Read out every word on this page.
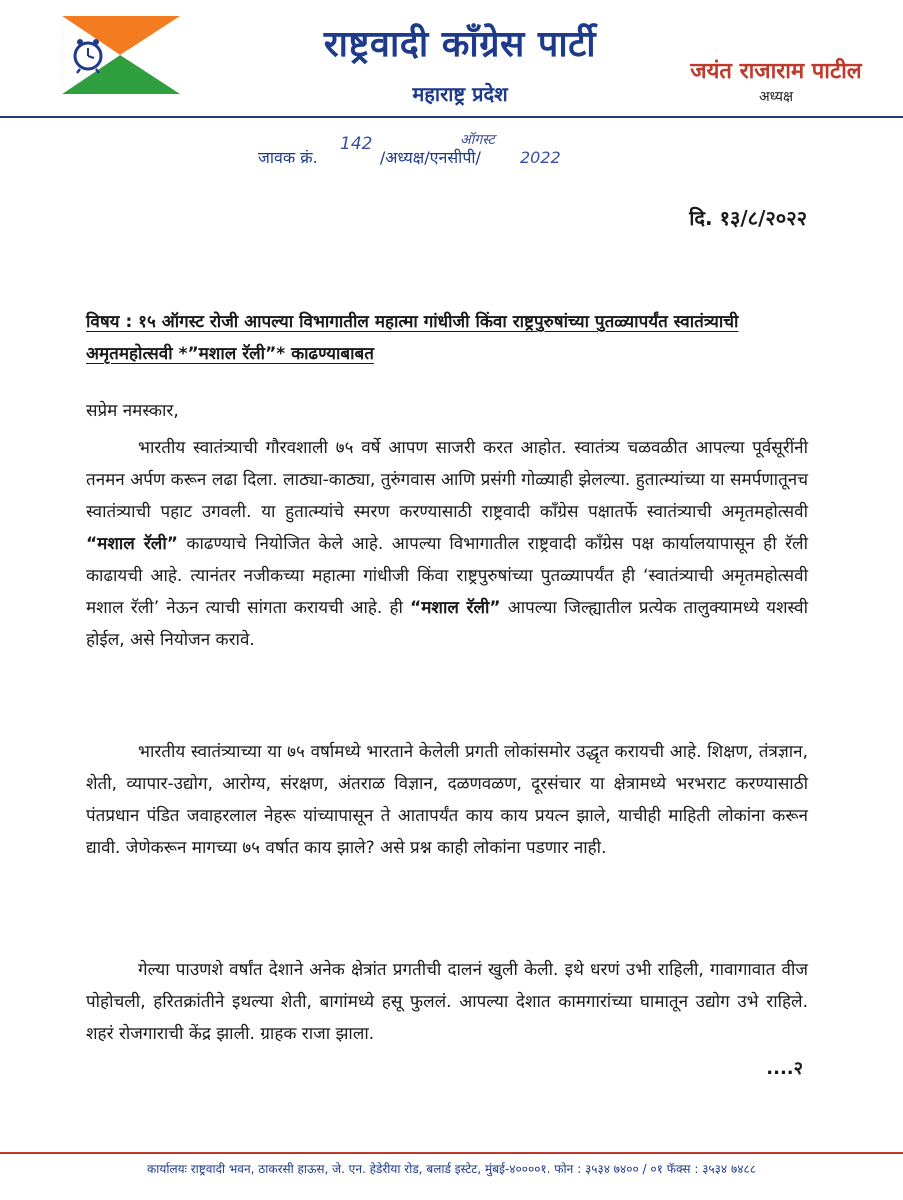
राष्ट्रवादी काँग्रेस पार्टी
महाराष्ट्र प्रदेश
जयंत राजाराम पाटील
अध्यक्ष
जावक क्रं.	/अध्यक्ष/एनसीपी/
142	ऑगस्ट
2022
दि. १३/८/२०२२
विषय : १५ ऑगस्ट रोजी आपल्या विभागातील महात्मा गांधीजी किंवा राष्ट्रपुरुषांच्या पुतळ्यापर्यंत स्वातंत्र्याची अमृतमहोत्सवी *”मशाल रॅली”* काढण्याबाबत
सप्रेम नमस्कार,
भारतीय स्वातंत्र्याची गौरवशाली ७५ वर्षे आपण साजरी करत आहोत. स्वातंत्र्य चळवळीत आपल्या पूर्वसूरींनी तनमन अर्पण करून लढा दिला. लाठ्या-काठ्या, तुरुंगवास आणि प्रसंगी गोळ्याही झेलल्या. हुतात्म्यांच्या या समर्पणातूनच स्वातंत्र्याची पहाट उगवली. या हुतात्म्यांचे स्मरण करण्यासाठी राष्ट्रवादी काँग्रेस पक्षातर्फे स्वातंत्र्याची अमृतमहोत्सवी “मशाल रॅली” काढण्याचे नियोजित केले आहे. आपल्या विभागातील राष्ट्रवादी काँग्रेस पक्ष कार्यालयापासून ही रॅली काढायची आहे. त्यानंतर नजीकच्या महात्मा गांधीजी किंवा राष्ट्रपुरुषांच्या पुतळ्यापर्यंत ही ‘स्वातंत्र्याची अमृतमहोत्सवी मशाल रॅली’ नेऊन त्याची सांगता करायची आहे. ही “मशाल रॅली” आपल्या जिल्ह्यातील प्रत्येक तालुक्यामध्ये यशस्वी होईल, असे नियोजन करावे.
भारतीय स्वातंत्र्याच्या या ७५ वर्षामध्ये भारताने केलेली प्रगती लोकांसमोर उद्धृत करायची आहे. शिक्षण, तंत्रज्ञान, शेती, व्यापार-उद्योग, आरोग्य, संरक्षण, अंतराळ विज्ञान, दळणवळण, दूरसंचार या क्षेत्रामध्ये भरभराट करण्यासाठी पंतप्रधान पंडित जवाहरलाल नेहरू यांच्यापासून ते आतापर्यंत काय काय प्रयत्न झाले, याचीही माहिती लोकांना करून द्यावी. जेणेकरून मागच्या ७५ वर्षात काय झाले? असे प्रश्न काही लोकांना पडणार नाही.
गेल्या पाउणशे वर्षांत देशाने अनेक क्षेत्रांत प्रगतीची दालनं खुली केली. इथे धरणं उभी राहिली, गावागावात वीज पोहोचली, हरितक्रांतीने इथल्या शेती, बागांमध्ये हसू फुललं. आपल्या देशात कामगारांच्या घामातून उद्योग उभे राहिले. शहरं रोजगाराची केंद्र झाली. ग्राहक राजा झाला.
....२
कार्यालयः राष्ट्रवादी भवन, ठाकरसी हाऊस, जे. एन. हेडेरीया रोड, बलार्ड इस्टेट, मुंबई-४००००१. फोन : ३५३४ ७४०० / ०१ फॅक्स : ३५३४ ७४८८
